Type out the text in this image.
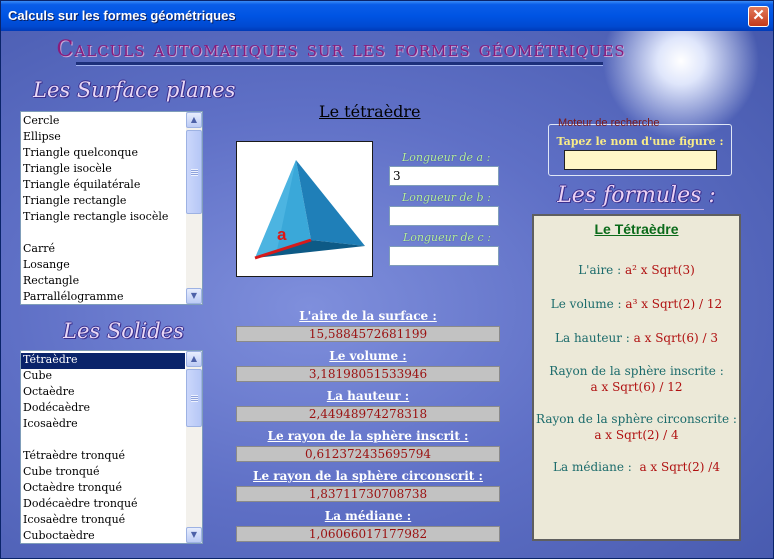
Calculs sur les formes géométriques	✕
Calculs automatiques sur les formes géométriques
Les Surface planes
Cercle
Ellipse
Triangle quelconque
Triangle isocèle
Triangle équilatérale
Triangle rectangle
Triangle rectangle isocèle
Carré
Losange
Rectangle
Parrallélogramme
▲
▼
Les Solides
Tétraèdre
Cube
Octaèdre
Dodécaèdre
Icosaèdre
Tétraèdre tronqué
Cube tronqué
Octaèdre tronqué
Dodécaèdre tronqué
Icosaèdre tronqué
Cuboctaèdre
▲
▼
Le tétraèdre
a
Longueur de a :
3
Longueur de b :
Longueur de c :
L'aire de la surface :
15,5884572681199
Le volume :
3,18198051533946
La hauteur :
2,44948974278318
Le rayon de la sphère inscrit :
0,612372435695794
Le rayon de la sphère circonscrit :
1,83711730708738
La médiane :
1,06066017177982
Moteur de recherche
Tapez le nom d'une figure :
Les formules :
Le Tétraèdre
L'aire : a² x Sqrt(3)
Le volume : a³ x Sqrt(2) / 12
La hauteur : a x Sqrt(6) / 3
Rayon de la sphère inscrite :
a x Sqrt(6) / 12
Rayon de la sphère circonscrite :
a x Sqrt(2) / 4
La médiane : a x Sqrt(2) /4
